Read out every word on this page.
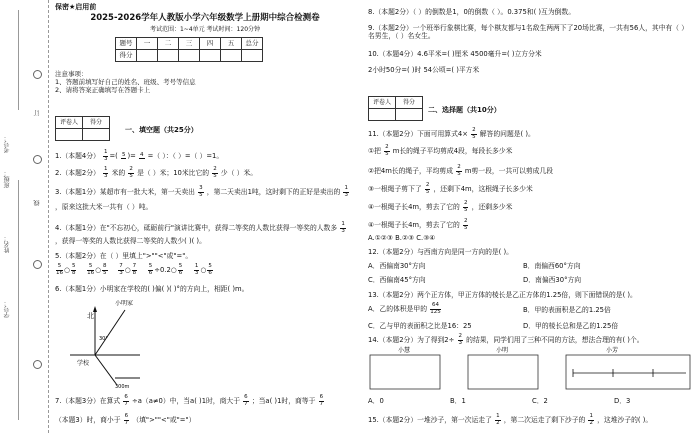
学号：
姓名：
班级：
线
订
考号：
保密★启用前
2025-2026学年人教版小学六年级数学上册期中综合检测卷
考试范围：1~4单元 考试时间：120分钟
题号	一	二	三	四	五	总分
得分						
注意事项：
1、答题前填写好自己的姓名、班级、考号等信息
2、请将答案正确填写在答题卡上
评卷人	得分

一、填空题（共25分）
1.（本题4分） $\frac{1}{3}$ =( 5 )= 4 =（ ）：（ ）=（ ）=1。
2.（本题2分） $\frac{1}{3}$ 米的 $\frac{2}{5}$ 是（ ）米；10米比它的 $\frac{2}{5}$ 少（ ）米。
3.（本题1分）某超市有一批大米，第一天卖出 $\frac{3}{5}$ ，第二天卖出1吨，这时剩下的正好是卖出的 $\frac{1}{3}$
，原来这批大米一共有（ ）吨。
4.（本题1分）在"不忘初心，砥砺前行"演讲比赛中，获得二等奖的人数比获得一等奖的人数多 $\frac{1}{3}$
，获得一等奖的人数比获得二等奖的人数少( )( )。
5.（本题2分）在（ ）里填上">""<"或"="。
$\frac{5}{16}$ ○ $\frac{5}{8}$
$\frac{5}{16}$ ○ $\frac{8}{5}$
$\frac{7}{3}$ ○ $\frac{7}{8}$
$\frac{5}{6}$ ÷0.2○ $\frac{5}{6}$
$\frac{1}{3}$ ○ $\frac{5}{6}$
6.（本题1分）小明家在学校的( )偏( )( )°的方向上，相距( )m。
北
小明家
学校
30°
300m
7.（本题3分）在算式 $\frac{6}{7} \div a(a\ne 0)$中，当a( )1时，商大于 $\frac{6}{7}$ ；当a( )1时，商等于 $\frac{6}{7}$
（本题3）时，商小于 $\frac{6}{7}$ （填">""<"或"="）
8.（本题2分）（ ）的倒数是1，0的倒数（ ）。0.375和( )互为倒数。
9.（本题2分）一个班举行象棋比赛，每个棋友都与1名敌生两两下了20场比赛，一共有56人，其中有（ ）名男生，（ ）名女生。
10.（本题4分）4.6平米=( )厘米 4500毫升=( )立方分米
2小时50分=( )时 54公顷=( )平方米
评卷人	得分

二、选择题（共10分）
11.（本题2分）下面可用算式$4\times \frac{2}{5}$ 解答的问题是( )。
①把 $\frac{2}{5}$ m长的绳子平均剪成4段，每段长多少米
②把4m长的绳子，平均剪成 $\frac{2}{5}$ m剪一段，一共可以剪成几段
③一根绳子剪下了 $\frac{2}{5}$ ，还剩下4m，这根绳子长多少米
④一根绳子长4m，剪去了它的 $\frac{2}{5}$ ，还剩多少米
④一根绳子长4m，剪去了它的 $\frac{2}{5}$
A.①②③ B.②③ C.③④
12.（本题2分）与西南方向是同一方向的是( )。
A．西偏南30°方向	B．南偏西60°方向
C．西偏南45°方向	D．南偏西30°方向
13.（本题2分）两个正方体，甲正方体的棱长是乙正方体的1.25倍，则下面错误的是( )。
A．乙的体积是甲的 $\frac{64}{125}$	B．甲的表面积是乙的1.25倍
C．乙与甲的表面积之比是16：25	D．甲的棱长总和是乙的1.25倍
14.（本题2分）为了得到$2\div \frac{2}{3}$ 的结果，同学们用了三种不同的方法，想法合理的有( )个。
小慧	小明	小芳
A．0	B．1	C．2	D．3
15.（本题2分）一堆沙子，第一次运走了 $\frac{1}{2}$ ，第二次运走了剩下沙子的 $\frac{1}{2}$ ，这堆沙子的( )。
